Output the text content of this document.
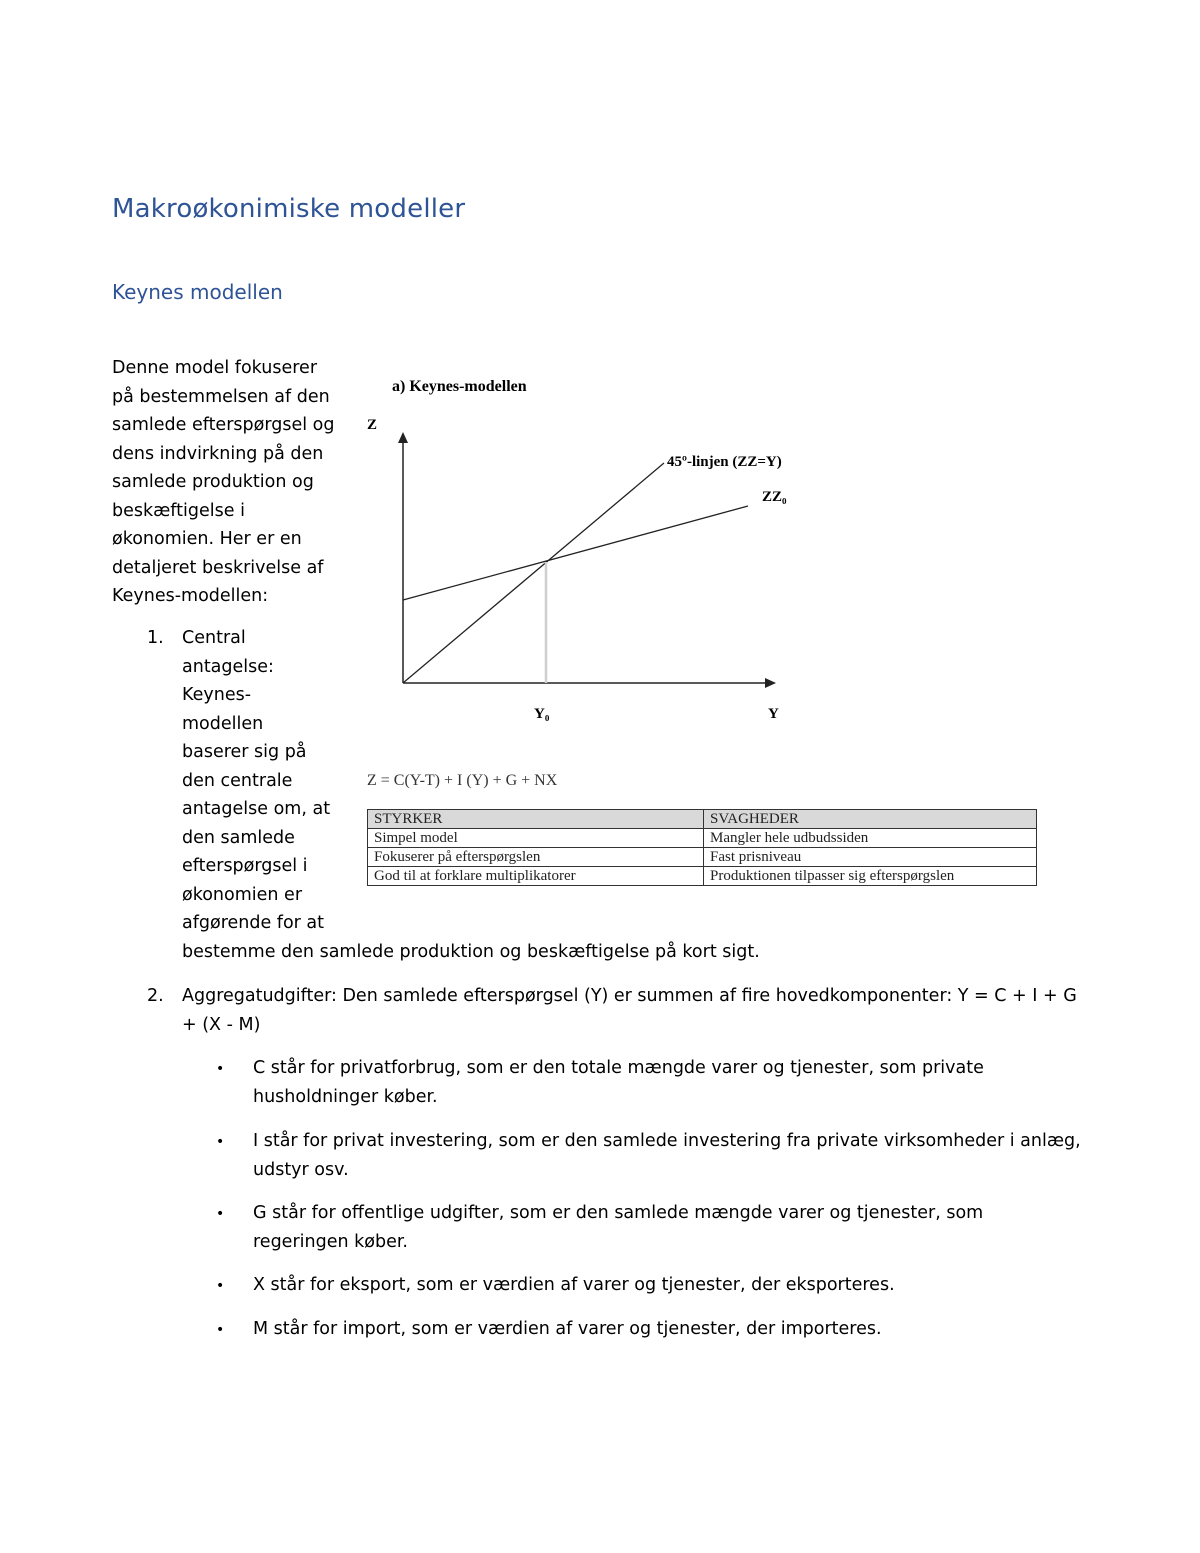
Makroøkonimiske modeller
Keynes modellen
Denne model fokuserer på bestemmelsen af den samlede efterspørgsel og dens indvirkning på den samlede produktion og beskæftigelse i økonomien. Her er en detaljeret beskrivelse af Keynes-modellen:
a) Keynes-modellen
Z
45º-linjen (ZZ=Y)
ZZ₀
Y₀	Y
Z = C(Y-T) + I (Y) + G + NX
STYRKER	SVAGHEDER
Simpel model	Mangler hele udbudssiden
Fokuserer på efterspørgslen	Fast prisniveau
God til at forklare multiplikatorer	Produktionen tilpasser sig efterspørgslen
1. Central antagelse: Keynes-modellen baserer sig på den centrale antagelse om, at den samlede efterspørgsel i økonomien er afgørende for at
bestemme den samlede produktion og beskæftigelse på kort sigt.
2. Aggregatudgifter: Den samlede efterspørgsel (Y) er summen af fire hovedkomponenter: Y = C + I + G + (X - M)
• C står for privatforbrug, som er den totale mængde varer og tjenester, som private husholdninger køber.
• I står for privat investering, som er den samlede investering fra private virksomheder i anlæg, udstyr osv.
• G står for offentlige udgifter, som er den samlede mængde varer og tjenester, som regeringen køber.
• X står for eksport, som er værdien af varer og tjenester, der eksporteres.
• M står for import, som er værdien af varer og tjenester, der importeres.
